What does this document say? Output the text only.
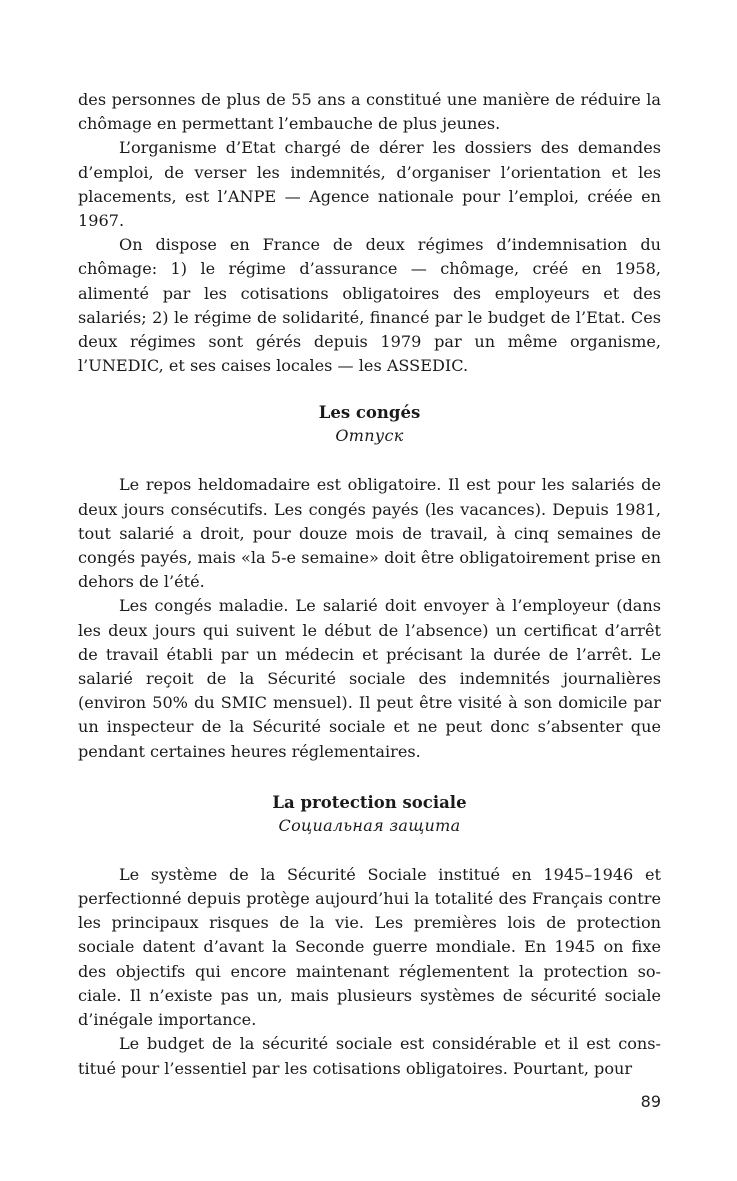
des personnes de plus de 55 ans a constitué une manière de réduire la chômage en permettant l’embauche de plus jeunes.

L’organisme d’Etat chargé de dérer les dossiers des demandes d’emploi, de verser les indemnités, d’organiser l’orientation et les placements, est l’ANPE — Agence nationale pour l’emploi, créée en 1967.

On dispose en France de deux régimes d’indemnisation du chômage: 1) le régime d’assurance — chômage, créé en 1958, alimenté par les cotisations obligatoires des employeurs et des salariés; 2) le régime de solidarité, financé par le budget de l’Etat. Ces deux régimes sont gérés depuis 1979 par un même organisme, l’UNEDIC, et ses caises locales — les ASSEDIC.

Les congés

Отпуск

Le repos heldomadaire est obligatoire. Il est pour les salariés de deux jours consécutifs. Les congés payés (les vacances). Depuis 1981, tout salarié a droit, pour douze mois de travail, à cinq semaines de congés payés, mais «la 5-e semaine» doit être obligatoirement prise en dehors de l’été.

Les congés maladie. Le salarié doit envoyer à l’employeur (dans les deux jours qui suivent le début de l’absence) un certificat d’arrêt de travail établi par un médecin et précisant la durée de l’arrêt. Le salarié reçoit de la Sécurité sociale des indemnités journalières (environ 50% du SMIC mensuel). Il peut être visité à son domicile par un inspecteur de la Sécurité sociale et ne peut donc s’absenter que pendant certaines heures réglementaires.

La protection sociale

Социальная защита

Le système de la Sécurité Sociale institué en 1945–1946 et perfectionné depuis protège aujourd’hui la totalité des Français contre les principaux risques de la vie. Les premières lois de protection sociale datent d’avant la Seconde guerre mondiale. En 1945 on fixe des objectifs qui encore maintenant réglementent la protection sociale. Il n’existe pas un, mais plusieurs systèmes de sécurité sociale d’inégale importance.

Le budget de la sécurité sociale est considérable et il est constitué pour l’essentiel par les cotisations obligatoires. Pourtant, pour

89
